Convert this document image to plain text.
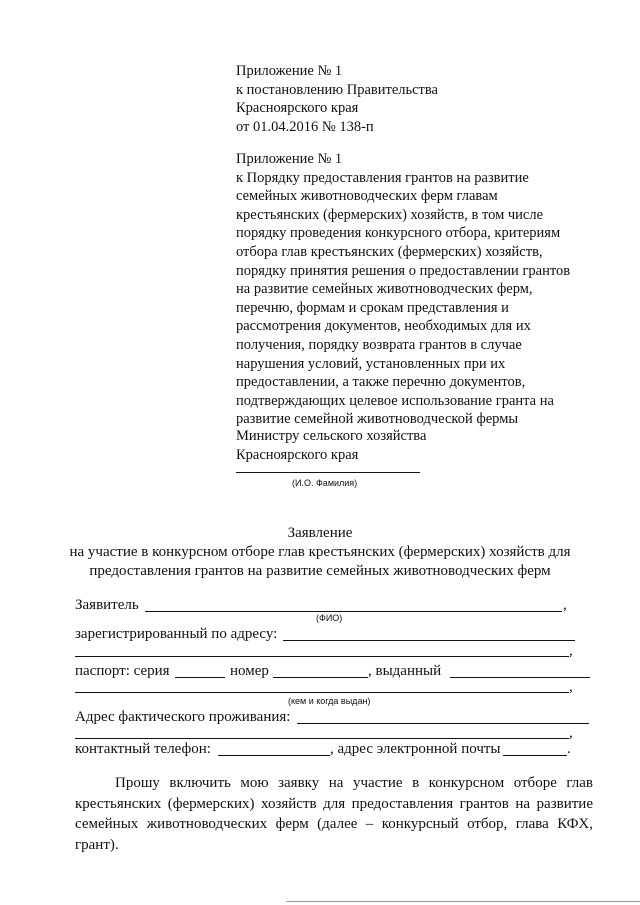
Приложение № 1
к постановлению Правительства
Красноярского края
от 01.04.2016 № 138-п
Приложение № 1
к Порядку предоставления грантов на развитие
семейных животноводческих ферм главам
крестьянских (фермерских) хозяйств, в том числе
порядку проведения конкурсного отбора, критериям
отбора глав крестьянских (фермерских) хозяйств,
порядку принятия решения о предоставлении грантов
на развитие семейных животноводческих ферм,
перечню, формам и срокам представления и
рассмотрения документов, необходимых для их
получения, порядку возврата грантов в случае
нарушения условий, установленных при их
предоставлении, а также перечню документов,
подтверждающих целевое использование гранта на
развитие семейной животноводческой фермы
Министру сельского хозяйства
Красноярского края
(И.О. Фамилия)
Заявление
на участие в конкурсном отборе глав крестьянских (фермерских) хозяйств для
предоставления грантов на развитие семейных животноводческих ферм
Заявитель	,
(ФИО)
зарегистрированный по адресу:
,
паспорт: серия	номер	, выданный
,
(кем и когда выдан)
Адрес фактического проживания:
,
контактный телефон:	, адрес электронной почты	.
Прошу включить мою заявку на участие в конкурсном отборе глав
крестьянских (фермерских) хозяйств для предоставления грантов на развитие
семейных животноводческих ферм (далее – конкурсный отбор, глава КФХ,
грант).
